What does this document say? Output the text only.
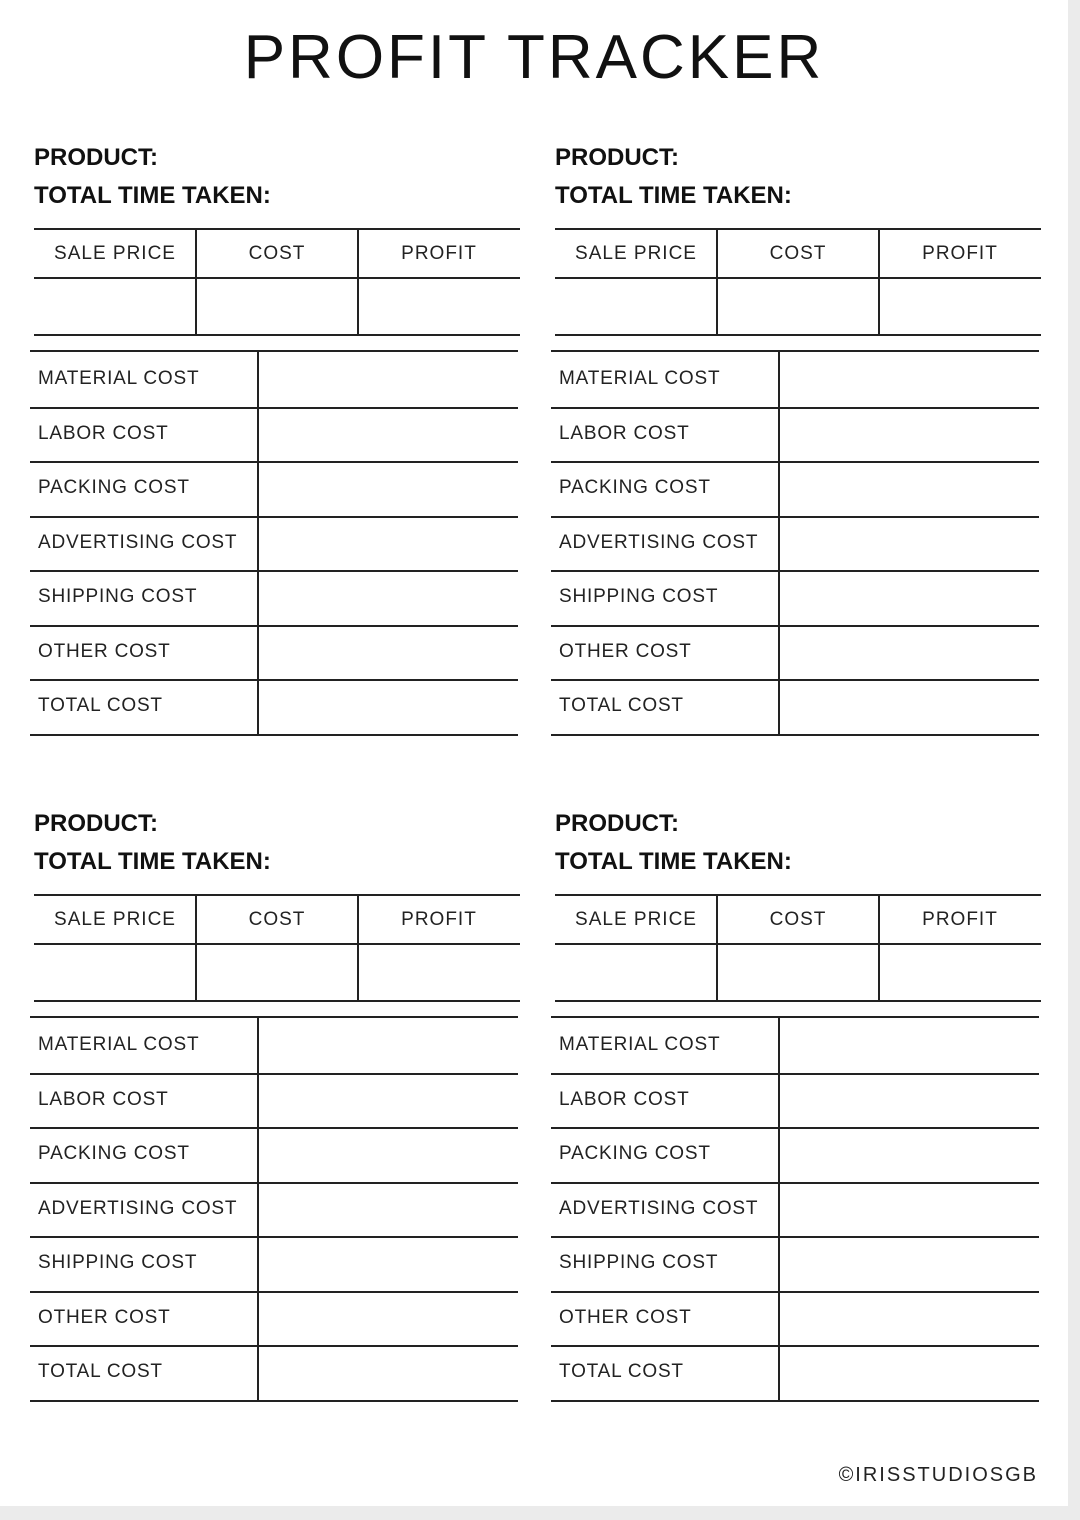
PROFIT TRACKER
PRODUCT:
TOTAL TIME TAKEN:
SALE PRICE	COST	PROFIT
MATERIAL COST
LABOR COST
PACKING COST
ADVERTISING COST
SHIPPING COST
OTHER COST
TOTAL COST
PRODUCT:
TOTAL TIME TAKEN:
SALE PRICE	COST	PROFIT
MATERIAL COST
LABOR COST
PACKING COST
ADVERTISING COST
SHIPPING COST
OTHER COST
TOTAL COST
PRODUCT:
TOTAL TIME TAKEN:
SALE PRICE	COST	PROFIT
MATERIAL COST
LABOR COST
PACKING COST
ADVERTISING COST
SHIPPING COST
OTHER COST
TOTAL COST
PRODUCT:
TOTAL TIME TAKEN:
SALE PRICE	COST	PROFIT
MATERIAL COST
LABOR COST
PACKING COST
ADVERTISING COST
SHIPPING COST
OTHER COST
TOTAL COST
©IRISSTUDIOSGB
